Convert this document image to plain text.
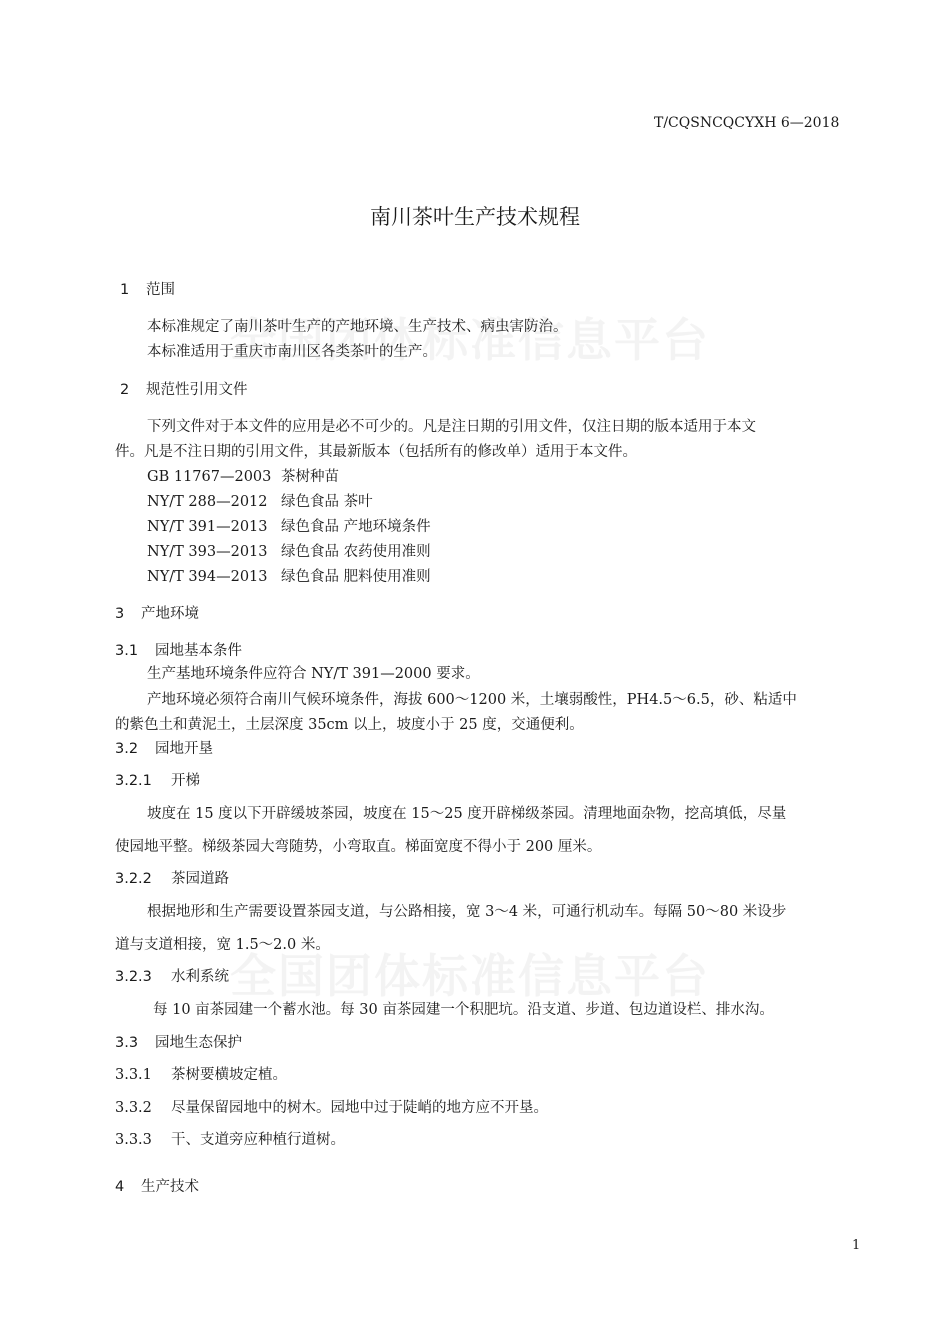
T/CQSNCQCYXH 6—2018
南川茶叶生产技术规程
1 范围
本标准规定了南川茶叶生产的产地环境、生产技术、病虫害防治。
本标准适用于重庆市南川区各类茶叶的生产。
2 规范性引用文件
下列文件对于本文件的应用是必不可少的。凡是注日期的引用文件，仅注日期的版本适用于本文
件。凡是不注日期的引用文件，其最新版本（包括所有的修改单）适用于本文件。
GB 11767—2003 茶树种苗
NY/T 288—2012 绿色食品 茶叶
NY/T 391—2013 绿色食品 产地环境条件
NY/T 393—2013 绿色食品 农药使用准则
NY/T 394—2013 绿色食品 肥料使用准则
3 产地环境
3.1 园地基本条件
生产基地环境条件应符合 NY/T 391—2000 要求。
产地环境必须符合南川气候环境条件，海拔 600～1200 米，土壤弱酸性，PH4.5～6.5，砂、粘适中
的紫色土和黄泥土，土层深度 35cm 以上，坡度小于 25 度，交通便利。
3.2 园地开垦
3.2.1 开梯
坡度在 15 度以下开辟缓坡茶园，坡度在 15～25 度开辟梯级茶园。清理地面杂物，挖高填低，尽量
使园地平整。梯级茶园大弯随势，小弯取直。梯面宽度不得小于 200 厘米。
3.2.2 茶园道路
根据地形和生产需要设置茶园支道，与公路相接，宽 3～4 米，可通行机动车。每隔 50～80 米设步
道与支道相接，宽 1.5～2.0 米。
3.2.3 水利系统
每 10 亩茶园建一个蓄水池。每 30 亩茶园建一个积肥坑。沿支道、步道、包边道设栏、排水沟。
3.3 园地生态保护
3.3.1 茶树要横坡定植。
3.3.2 尽量保留园地中的树木。园地中过于陡峭的地方应不开垦。
3.3.3 干、支道旁应种植行道树。
4 生产技术
1
